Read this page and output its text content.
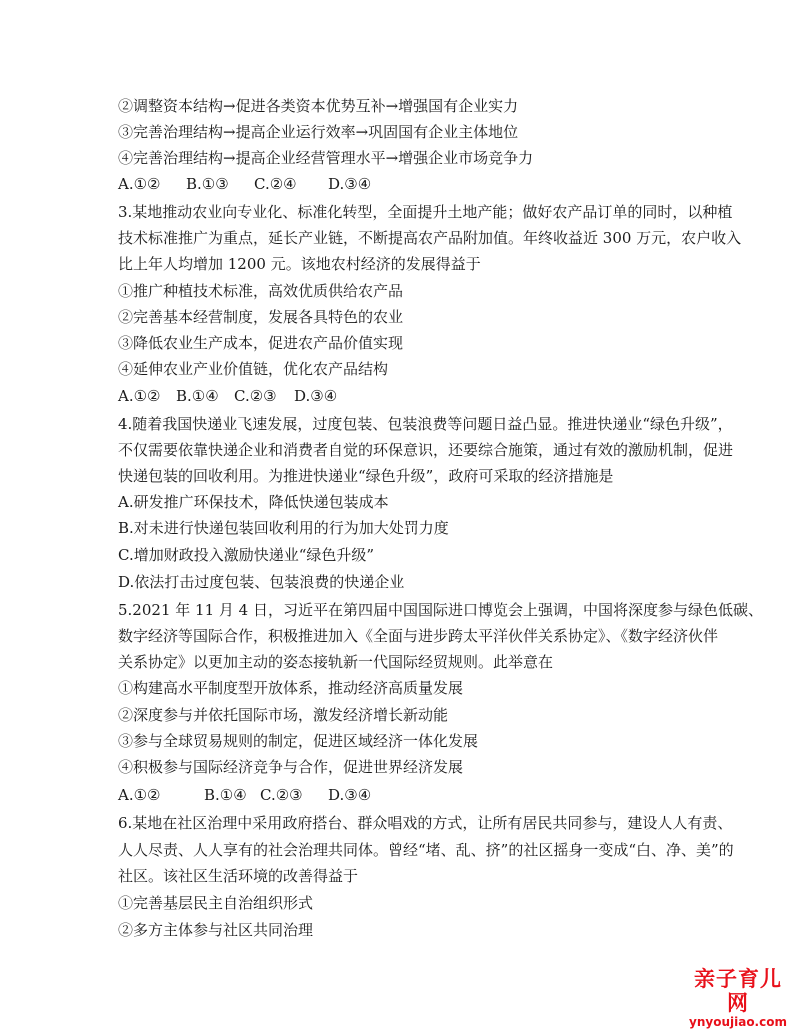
②调整资本结构→促进各类资本优势互补→增强国有企业实力
③完善治理结构→提高企业运行效率→巩固国有企业主体地位
④完善治理结构→提高企业经营管理水平→增强企业市场竞争力
A.①② B.①③ C.②④ D.③④
3.某地推动农业向专业化、标准化转型，全面提升土地产能；做好农产品订单的同时，以种植
技术标准推广为重点，延长产业链，不断提高农产品附加值。年终收益近 300 万元，农户收入
比上年人均增加 1200 元。该地农村经济的发展得益于
①推广种植技术标准，高效优质供给农产品
②完善基本经营制度，发展各具特色的农业
③降低农业生产成本，促进农产品价值实现
④延伸农业产业价值链，优化农产品结构
A.①② B.①④ C.②③ D.③④
4.随着我国快递业飞速发展，过度包装、包装浪费等问题日益凸显。推进快递业“绿色升级”，
不仅需要依靠快递企业和消费者自觉的环保意识，还要综合施策，通过有效的激励机制，促进
快递包装的回收利用。为推进快递业“绿色升级”，政府可采取的经济措施是
A.研发推广环保技术，降低快递包装成本
B.对未进行快递包装回收利用的行为加大处罚力度
C.增加财政投入激励快递业“绿色升级”
D.依法打击过度包装、包装浪费的快递企业
5.2021 年 11 月 4 日，习近平在第四届中国国际进口博览会上强调，中国将深度参与绿色低碳、
数字经济等国际合作，积极推进加入《全面与进步跨太平洋伙伴关系协定》、《数字经济伙伴
关系协定》以更加主动的姿态接轨新一代国际经贸规则。此举意在
①构建高水平制度型开放体系，推动经济高质量发展
②深度参与并依托国际市场，激发经济增长新动能
③参与全球贸易规则的制定，促进区域经济一体化发展
④积极参与国际经济竞争与合作，促进世界经济发展
A.①②	B.①④ C.②③ D.③④
6.某地在社区治理中采用政府搭台、群众唱戏的方式，让所有居民共同参与，建设人人有责、
人人尽责、人人享有的社会治理共同体。曾经“堵、乱、挤”的社区摇身一变成“白、净、美”的
社区。该社区生活环境的改善得益于
①完善基层民主自治组织形式
②多方主体参与社区共同治理
亲子育儿网
ynyoujiao.com
